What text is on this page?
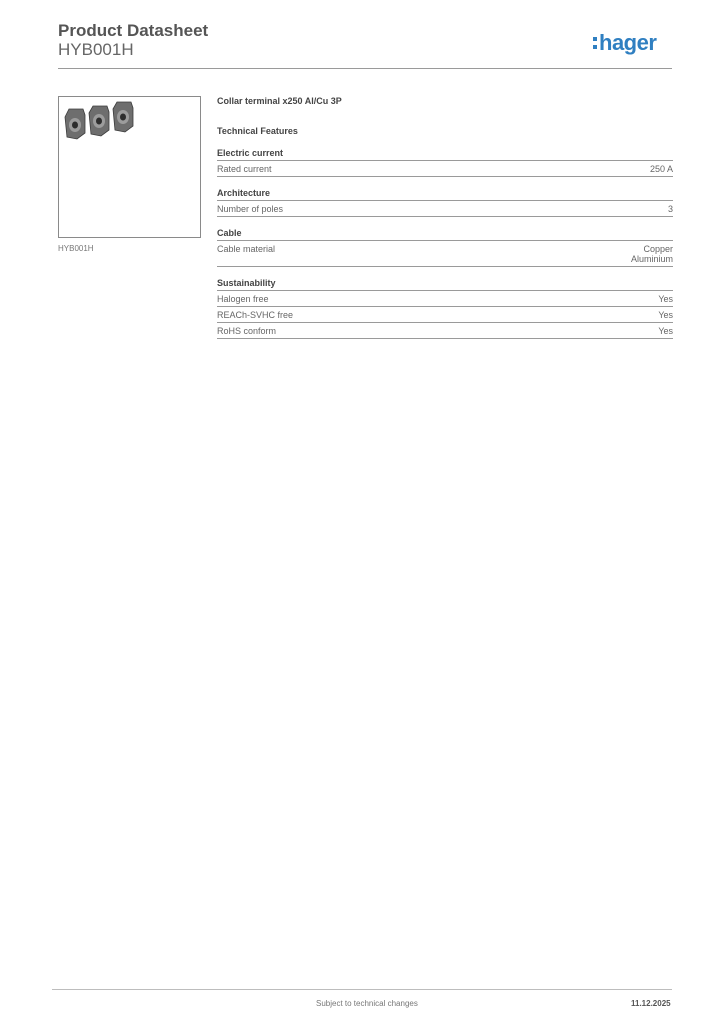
Product Datasheet
HYB001H	hager
HYB001H
Collar terminal x250 Al/Cu 3P
Technical Features
Electric current
Rated current	250 A
Architecture
Number of poles	3
Cable
Cable material	Copper
Aluminium
Sustainability
Halogen free	Yes
REACh-SVHC free	Yes
RoHS conform	Yes
Subject to technical changes	11.12.2025
